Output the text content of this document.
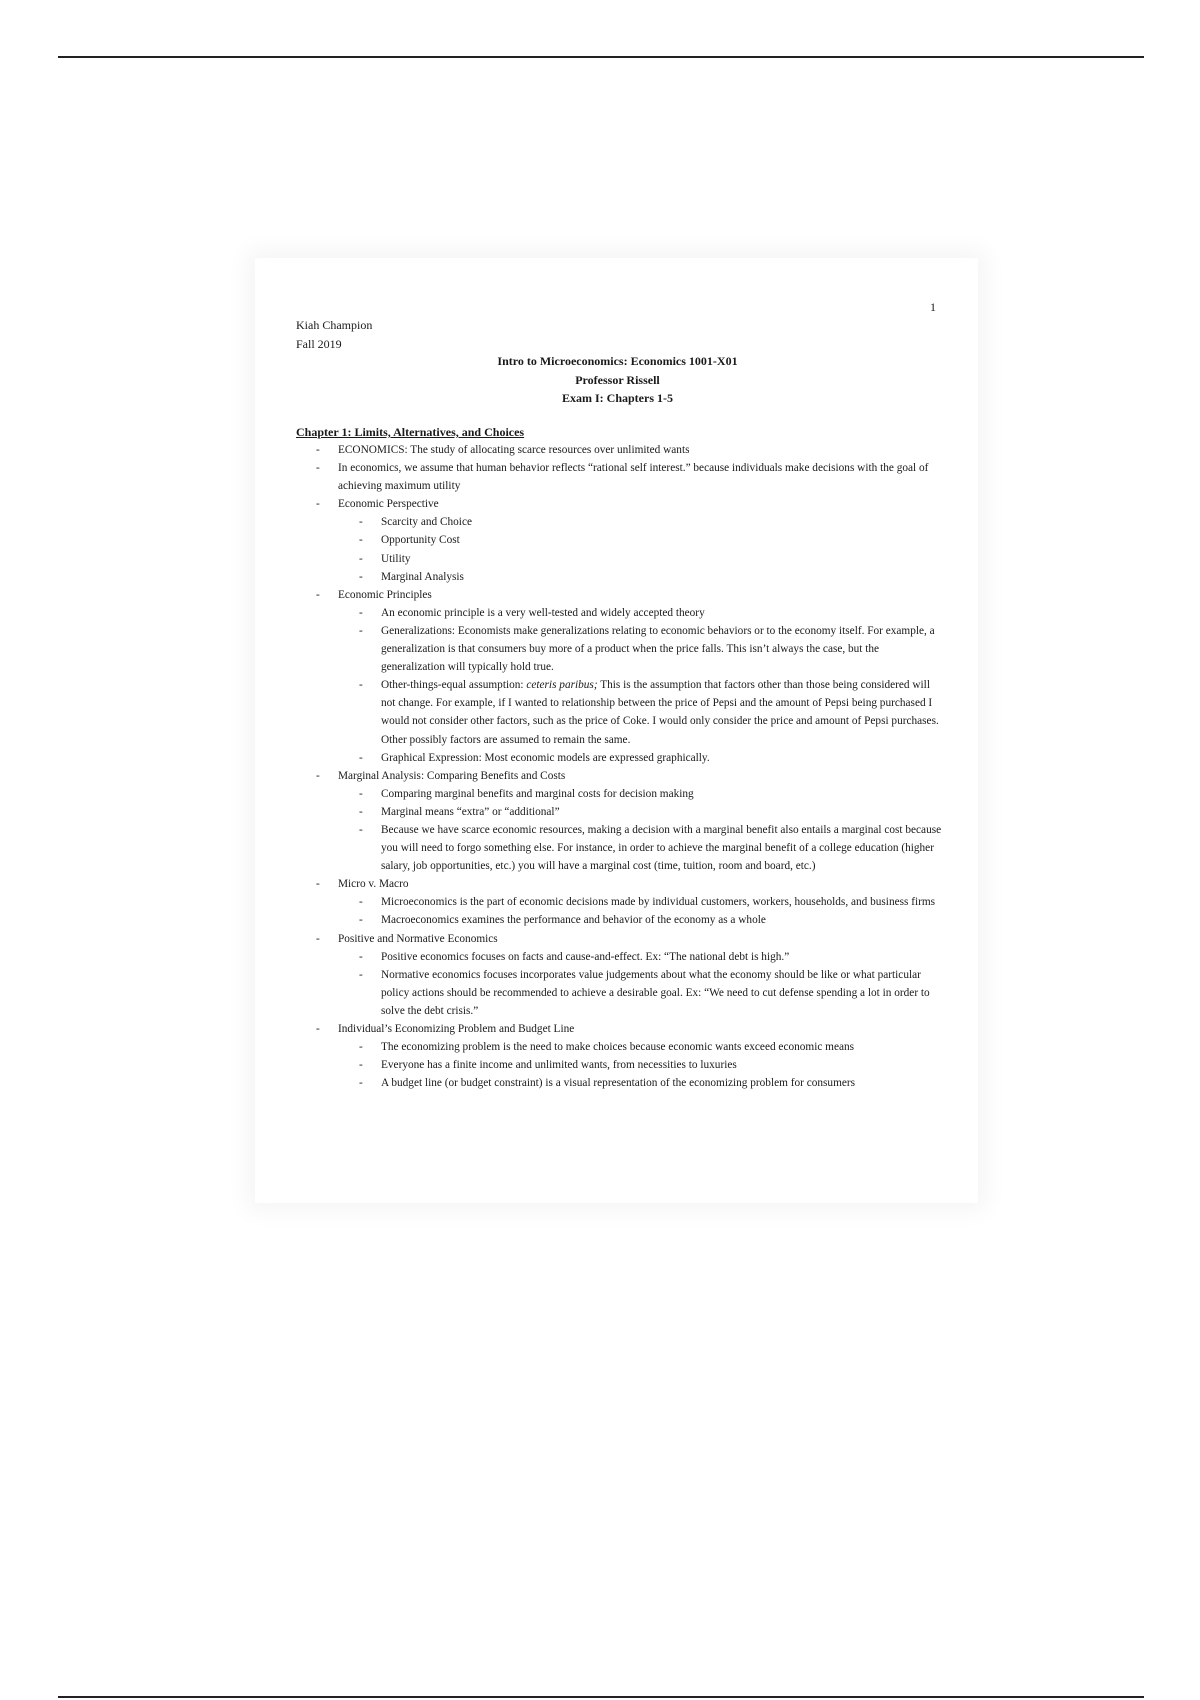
1
Kiah Champion
Fall 2019
Intro to Microeconomics: Economics 1001-X01
Professor Rissell
Exam I: Chapters 1-5
Chapter 1: Limits, Alternatives, and Choices
- ECONOMICS: The study of allocating scarce resources over unlimited wants
- In economics, we assume that human behavior reflects “rational self interest.” because individuals make decisions with the goal of achieving maximum utility
- Economic Perspective
- Scarcity and Choice
- Opportunity Cost
- Utility
- Marginal Analysis
- Economic Principles
- An economic principle is a very well-tested and widely accepted theory
- Generalizations: Economists make generalizations relating to economic behaviors or to the economy itself. For example, a generalization is that consumers buy more of a product when the price falls. This isn’t always the case, but the generalization will typically hold true.
- Other-things-equal assumption: ceteris paribus; This is the assumption that factors other than those being considered will not change. For example, if I wanted to relationship between the price of Pepsi and the amount of Pepsi being purchased I would not consider other factors, such as the price of Coke. I would only consider the price and amount of Pepsi purchases. Other possibly factors are assumed to remain the same.
- Graphical Expression: Most economic models are expressed graphically.
- Marginal Analysis: Comparing Benefits and Costs
- Comparing marginal benefits and marginal costs for decision making
- Marginal means “extra” or “additional”
- Because we have scarce economic resources, making a decision with a marginal benefit also entails a marginal cost because you will need to forgo something else. For instance, in order to achieve the marginal benefit of a college education (higher salary, job opportunities, etc.) you will have a marginal cost (time, tuition, room and board, etc.)
- Micro v. Macro
- Microeconomics is the part of economic decisions made by individual customers, workers, households, and business firms
- Macroeconomics examines the performance and behavior of the economy as a whole
- Positive and Normative Economics
- Positive economics focuses on facts and cause-and-effect. Ex: “The national debt is high.”
- Normative economics focuses incorporates value judgements about what the economy should be like or what particular policy actions should be recommended to achieve a desirable goal. Ex: “We need to cut defense spending a lot in order to solve the debt crisis.”
- Individual’s Economizing Problem and Budget Line
- The economizing problem is the need to make choices because economic wants exceed economic means
- Everyone has a finite income and unlimited wants, from necessities to luxuries
- A budget line (or budget constraint) is a visual representation of the economizing problem for consumers
